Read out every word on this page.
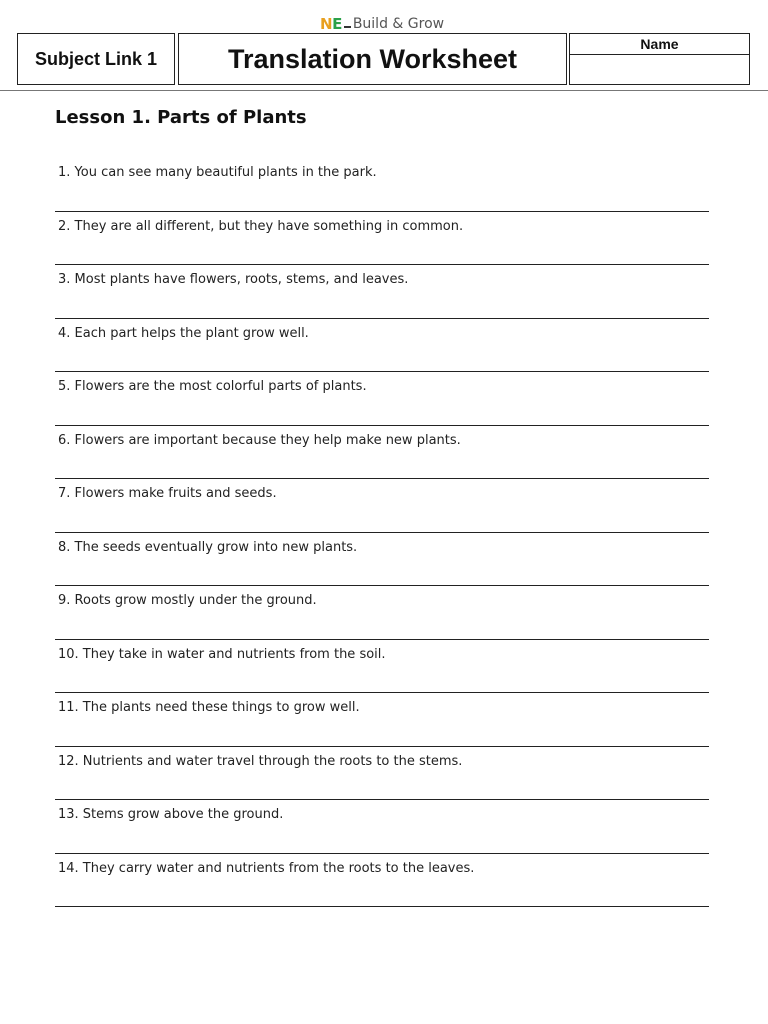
NE Build & Grow
Subject Link 1	Translation Worksheet	Name
Lesson 1. Parts of Plants
1. You can see many beautiful plants in the park.
2. They are all different, but they have something in common.
3. Most plants have flowers, roots, stems, and leaves.
4. Each part helps the plant grow well.
5. Flowers are the most colorful parts of plants.
6. Flowers are important because they help make new plants.
7. Flowers make fruits and seeds.
8. The seeds eventually grow into new plants.
9. Roots grow mostly under the ground.
10. They take in water and nutrients from the soil.
11. The plants need these things to grow well.
12. Nutrients and water travel through the roots to the stems.
13. Stems grow above the ground.
14. They carry water and nutrients from the roots to the leaves.
